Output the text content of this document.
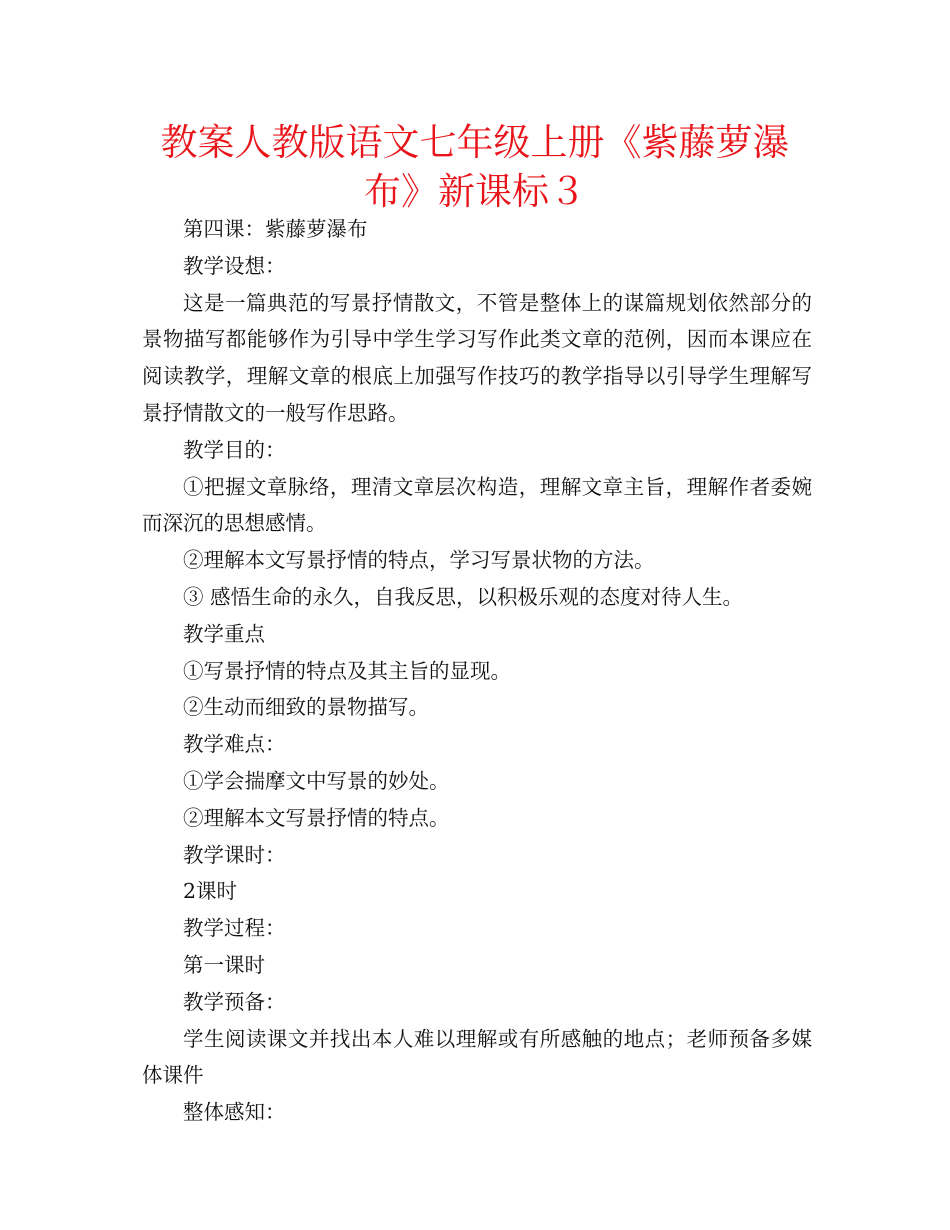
教案人教版语文七年级上册《紫藤萝瀑布》新课标３

第四课：紫藤萝瀑布

教学设想：

这是一篇典范的写景抒情散文，不管是整体上的谋篇规划依然部分的景物描写都能够作为引导中学生学习写作此类文章的范例，因而本课应在阅读教学，理解文章的根底上加强写作技巧的教学指导以引导学生理解写景抒情散文的一般写作思路。

教学目的：

①把握文章脉络，理清文章层次构造，理解文章主旨，理解作者委婉而深沉的思想感情。

②理解本文写景抒情的特点，学习写景状物的方法。

③ 感悟生命的永久，自我反思，以积极乐观的态度对待人生。

教学重点

①写景抒情的特点及其主旨的显现。

②生动而细致的景物描写。

教学难点：

①学会揣摩文中写景的妙处。

②理解本文写景抒情的特点。

教学课时：

2课时

教学过程：

第一课时

教学预备：

学生阅读课文并找出本人难以理解或有所感触的地点；老师预备多媒体课件

整体感知：
